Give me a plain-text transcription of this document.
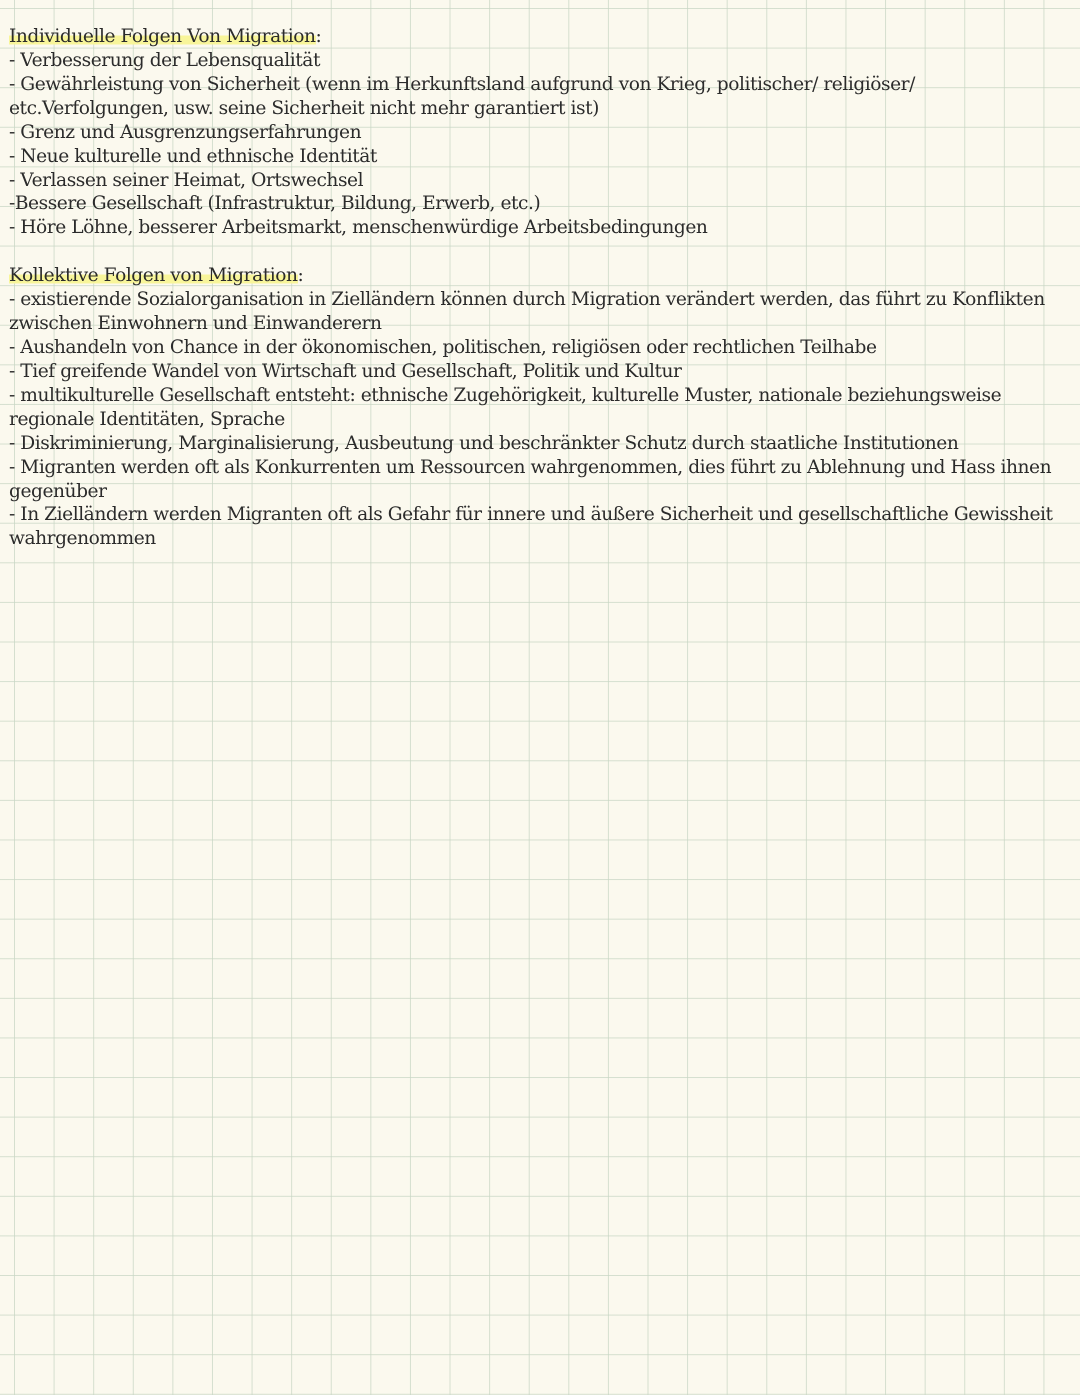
Individuelle Folgen Von Migration:
- Verbesserung der Lebensqualität
- Gewährleistung von Sicherheit (wenn im Herkunftsland aufgrund von Krieg, politischer/ religiöser/ etc.Verfolgungen, usw. seine Sicherheit nicht mehr garantiert ist)
- Grenz und Ausgrenzungserfahrungen
- Neue kulturelle und ethnische Identität
- Verlassen seiner Heimat, Ortswechsel
-Bessere Gesellschaft (Infrastruktur, Bildung, Erwerb, etc.)
- Höre Löhne, besserer Arbeitsmarkt, menschenwürdige Arbeitsbedingungen
Kollektive Folgen von Migration:
- existierende Sozialorganisation in Zielländern können durch Migration verändert werden, das führt zu Konflikten zwischen Einwohnern und Einwanderern
- Aushandeln von Chance in der ökonomischen, politischen, religiösen oder rechtlichen Teilhabe
- Tief greifende Wandel von Wirtschaft und Gesellschaft, Politik und Kultur
- multikulturelle Gesellschaft entsteht: ethnische Zugehörigkeit, kulturelle Muster, nationale beziehungsweise regionale Identitäten, Sprache
- Diskriminierung, Marginalisierung, Ausbeutung und beschränkter Schutz durch staatliche Institutionen
- Migranten werden oft als Konkurrenten um Ressourcen wahrgenommen, dies führt zu Ablehnung und Hass ihnen gegenüber
- In Zielländern werden Migranten oft als Gefahr für innere und äußere Sicherheit und gesellschaftliche Gewissheit wahrgenommen
